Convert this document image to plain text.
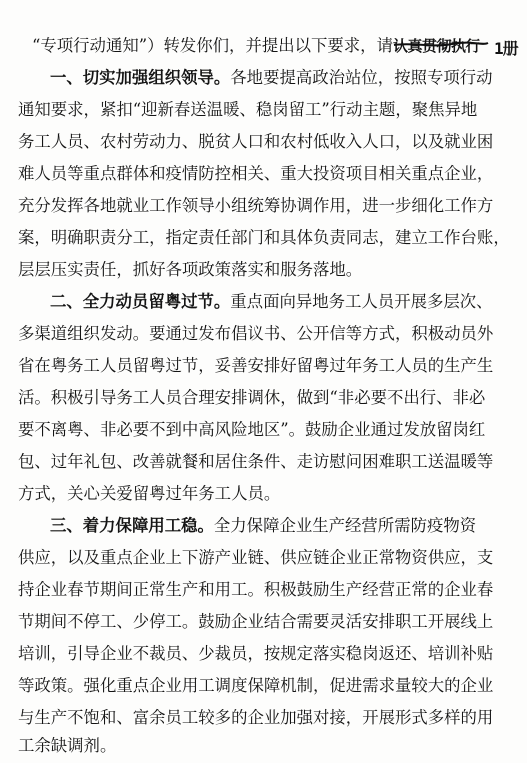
“专项行动通知”）转发你们，并提出以下要求，请认真贯彻执行 1册
一、切实加强组织领导。各地要提高政治站位，按照专项行动
通知要求，紧扣“迎新春送温暖、稳岗留工”行动主题，聚焦异地
务工人员、农村劳动力、脱贫人口和农村低收入人口，以及就业困
难人员等重点群体和疫情防控相关、重大投资项目相关重点企业，
充分发挥各地就业工作领导小组统筹协调作用，进一步细化工作方
案，明确职责分工，指定责任部门和具体负责同志，建立工作台账，
层层压实责任，抓好各项政策落实和服务落地。
二、全力动员留粤过节。重点面向异地务工人员开展多层次、
多渠道组织发动。要通过发布倡议书、公开信等方式，积极动员外
省在粤务工人员留粤过节，妥善安排好留粤过年务工人员的生产生
活。积极引导务工人员合理安排调休，做到“非必要不出行、非必
要不离粤、非必要不到中高风险地区”。鼓励企业通过发放留岗红
包、过年礼包、改善就餐和居住条件、走访慰问困难职工送温暖等
方式，关心关爱留粤过年务工人员。
三、着力保障用工稳。全力保障企业生产经营所需防疫物资
供应，以及重点企业上下游产业链、供应链企业正常物资供应，支
持企业春节期间正常生产和用工。积极鼓励生产经营正常的企业春
节期间不停工、少停工。鼓励企业结合需要灵活安排职工开展线上
培训，引导企业不裁员、少裁员，按规定落实稳岗返还、培训补贴
等政策。强化重点企业用工调度保障机制，促进需求量较大的企业
与生产不饱和、富余员工较多的企业加强对接，开展形式多样的用
工余缺调剂。
